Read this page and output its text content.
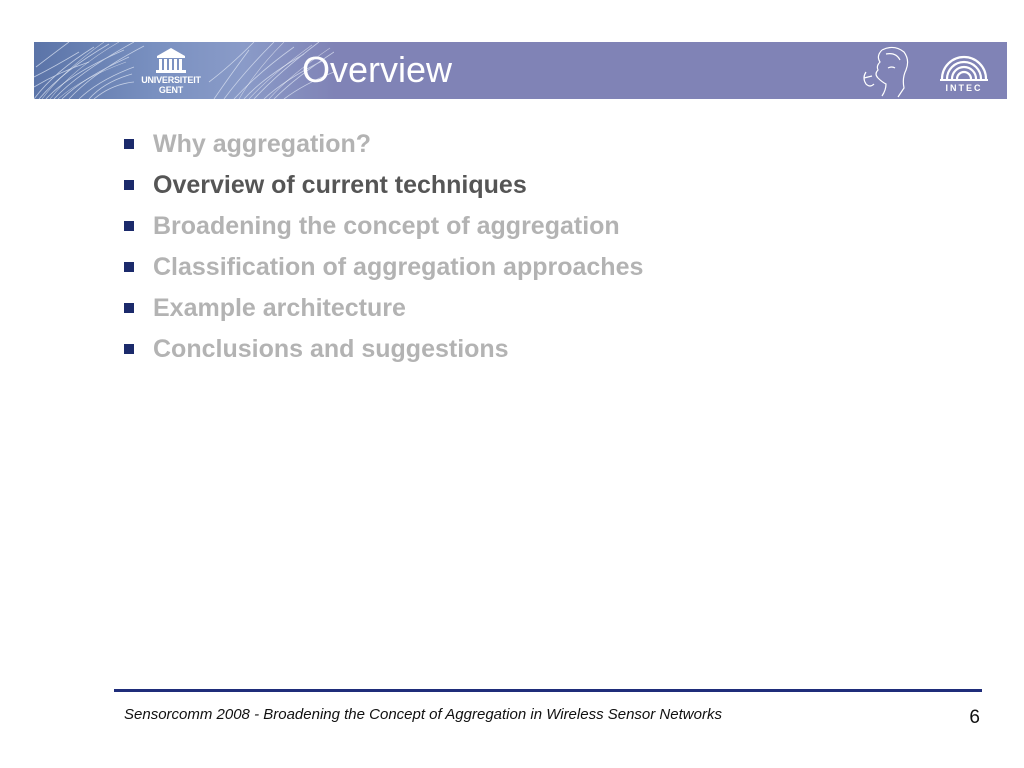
UNIVERSITEIT
GENT	Overview	INTEC
Why aggregation?
Overview of current techniques
Broadening the concept of aggregation
Classification of aggregation approaches
Example architecture
Conclusions and suggestions
Sensorcomm 2008 - Broadening the Concept of Aggregation in Wireless Sensor Networks	6
